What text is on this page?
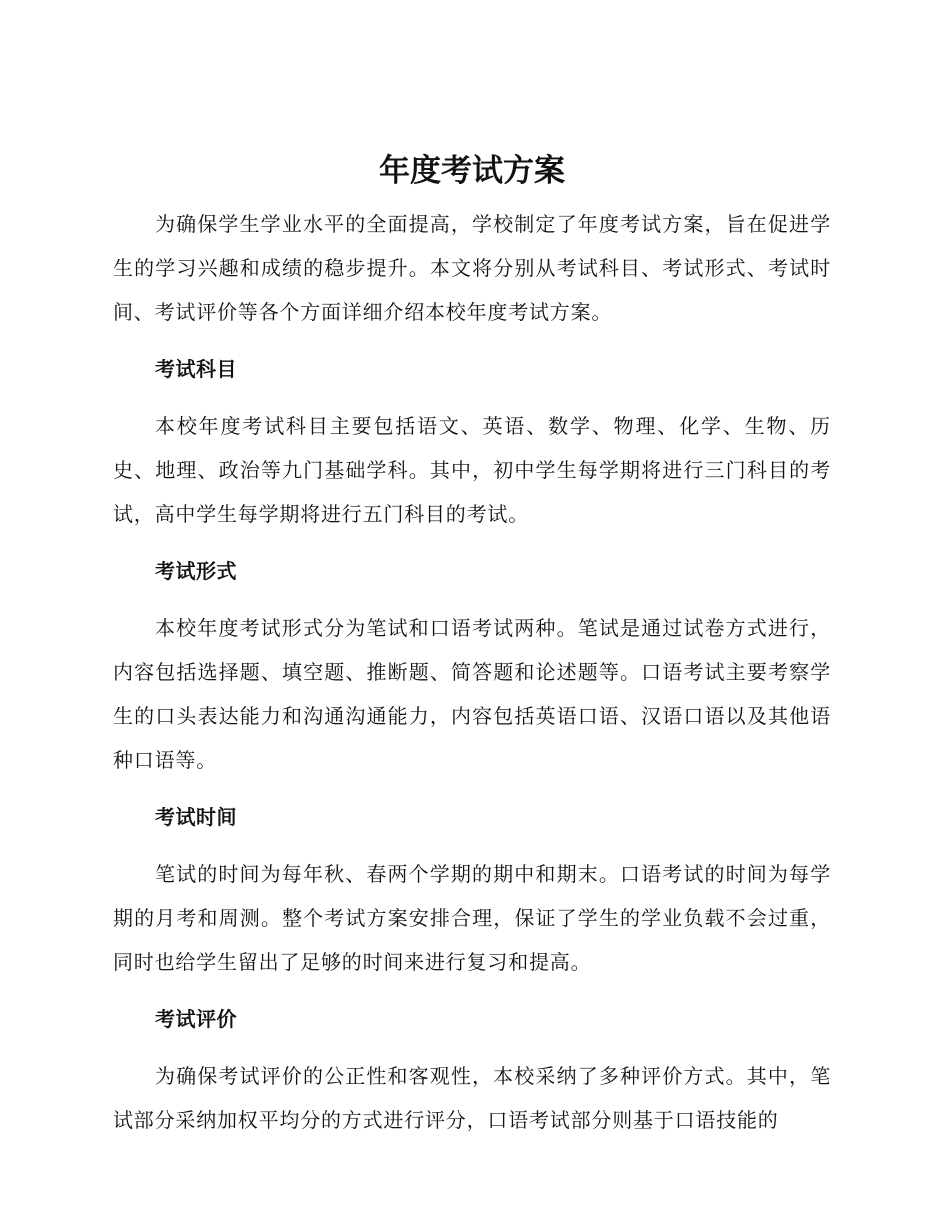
年度考试方案

为确保学生学业水平的全面提高，学校制定了年度考试方案，旨在促进学生的学习兴趣和成绩的稳步提升。本文将分别从考试科目、考试形式、考试时间、考试评价等各个方面详细介绍本校年度考试方案。

考试科目

本校年度考试科目主要包括语文、英语、数学、物理、化学、生物、历史、地理、政治等九门基础学科。其中，初中学生每学期将进行三门科目的考试，高中学生每学期将进行五门科目的考试。

考试形式

本校年度考试形式分为笔试和口语考试两种。笔试是通过试卷方式进行，内容包括选择题、填空题、推断题、简答题和论述题等。口语考试主要考察学生的口头表达能力和沟通沟通能力，内容包括英语口语、汉语口语以及其他语种口语等。

考试时间

笔试的时间为每年秋、春两个学期的期中和期末。口语考试的时间为每学期的月考和周测。整个考试方案安排合理，保证了学生的学业负载不会过重，同时也给学生留出了足够的时间来进行复习和提高。

考试评价

为确保考试评价的公正性和客观性，本校采纳了多种评价方式。其中，笔试部分采纳加权平均分的方式进行评分，口语考试部分则基于口语技能的
